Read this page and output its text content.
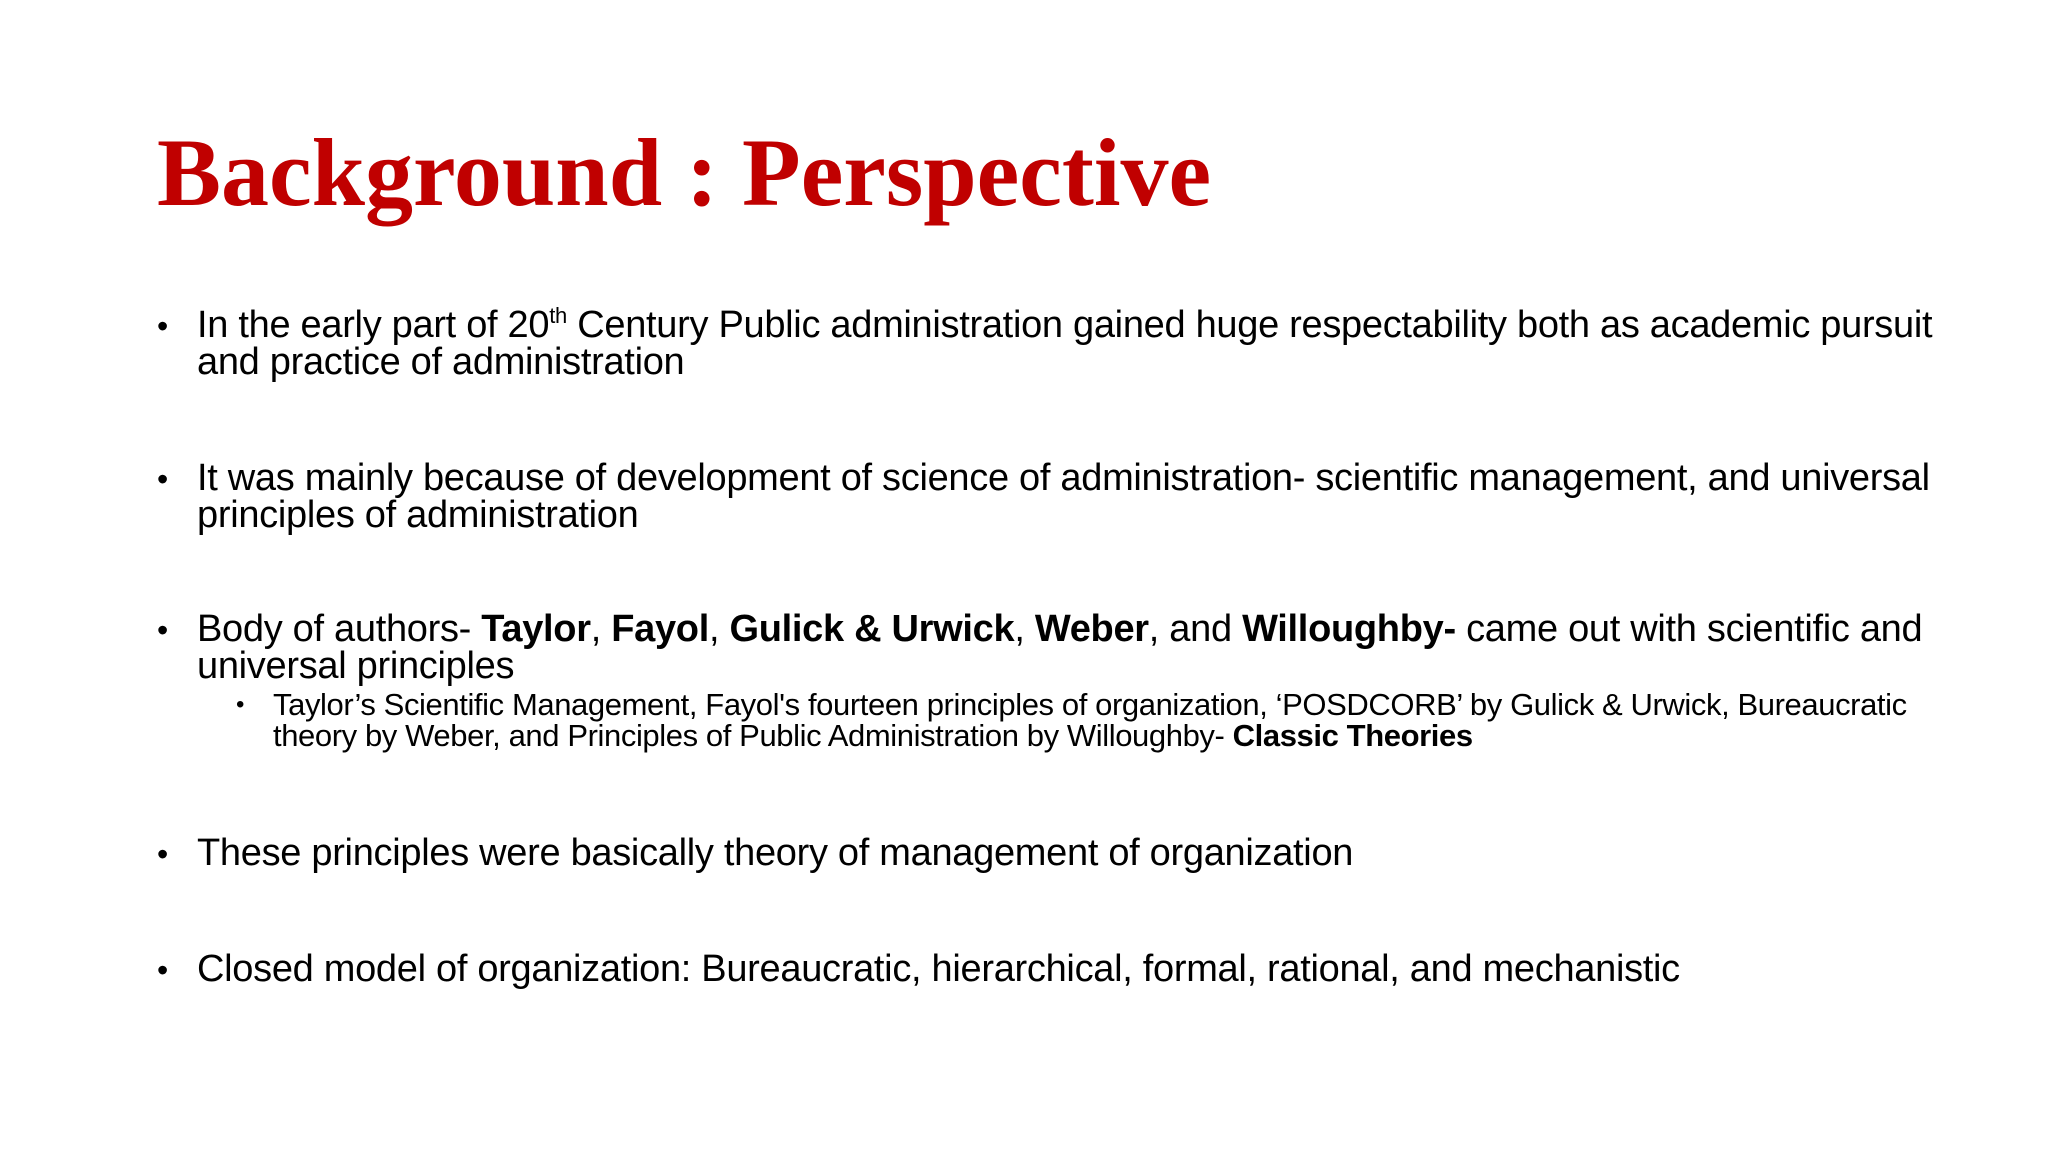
Background : Perspective
• In the early part of 20th Century Public administration gained huge respectability both as academic pursuit and practice of administration
• It was mainly because of development of science of administration- scientific management, and universal principles of administration
• Body of authors- Taylor, Fayol, Gulick & Urwick, Weber, and Willoughby- came out with scientific and universal principles
• Taylor’s Scientific Management, Fayol's fourteen principles of organization, ‘POSDCORB’ by Gulick & Urwick, Bureaucratic theory by Weber, and Principles of Public Administration by Willoughby- Classic Theories
• These principles were basically theory of management of organization
• Closed model of organization: Bureaucratic, hierarchical, formal, rational, and mechanistic
